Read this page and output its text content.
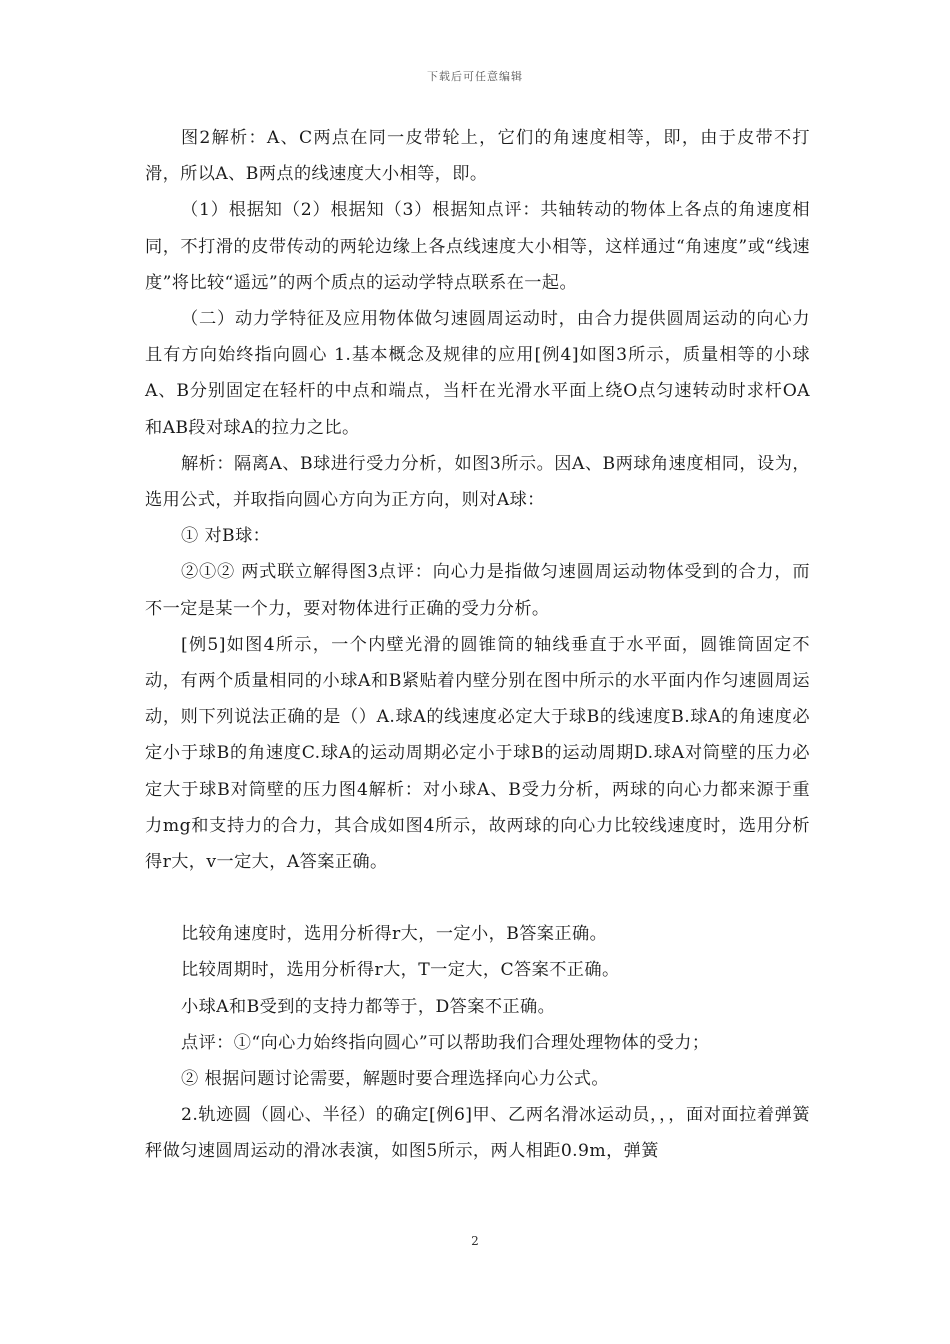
下载后可任意编辑

图2解析：A、C两点在同一皮带轮上，它们的角速度相等，即，由于皮带不打滑，所以A、B两点的线速度大小相等，即。

（1）根据知（2）根据知（3）根据知点评：共轴转动的物体上各点的角速度相同，不打滑的皮带传动的两轮边缘上各点线速度大小相等，这样通过“角速度”或“线速度”将比较“遥远”的两个质点的运动学特点联系在一起。

（二）动力学特征及应用物体做匀速圆周运动时，由合力提供圆周运动的向心力且有方向始终指向圆心 1.基本概念及规律的应用[例4]如图3所示，质量相等的小球A、B分别固定在轻杆的中点和端点，当杆在光滑水平面上绕O点匀速转动时求杆OA和AB段对球A的拉力之比。

解析：隔离A、B球进行受力分析，如图3所示。因A、B两球角速度相同，设为，选用公式，并取指向圆心方向为正方向，则对A球：

① 对B球：

②①② 两式联立解得图3点评：向心力是指做匀速圆周运动物体受到的合力，而不一定是某一个力，要对物体进行正确的受力分析。

[例5]如图4所示，一个内壁光滑的圆锥筒的轴线垂直于水平面，圆锥筒固定不动，有两个质量相同的小球A和B紧贴着内壁分别在图中所示的水平面内作匀速圆周运动，则下列说法正确的是（）A.球A的线速度必定大于球B的线速度B.球A的角速度必定小于球B的角速度C.球A的运动周期必定小于球B的运动周期D.球A对筒壁的压力必定大于球B对筒壁的压力图4解析：对小球A、B受力分析，两球的向心力都来源于重力mg和支持力的合力，其合成如图4所示，故两球的向心力比较线速度时，选用分析得r大，v一定大，A答案正确。

比较角速度时，选用分析得r大，一定小，B答案正确。

比较周期时，选用分析得r大，T一定大，C答案不正确。

小球A和B受到的支持力都等于，D答案不正确。

点评：①“向心力始终指向圆心”可以帮助我们合理处理物体的受力；

② 根据问题讨论需要，解题时要合理选择向心力公式。

2.轨迹圆（圆心、半径）的确定[例6]甲、乙两名滑冰运动员，，，面对面拉着弹簧秤做匀速圆周运动的滑冰表演，如图5所示，两人相距0.9m，弹簧

2
